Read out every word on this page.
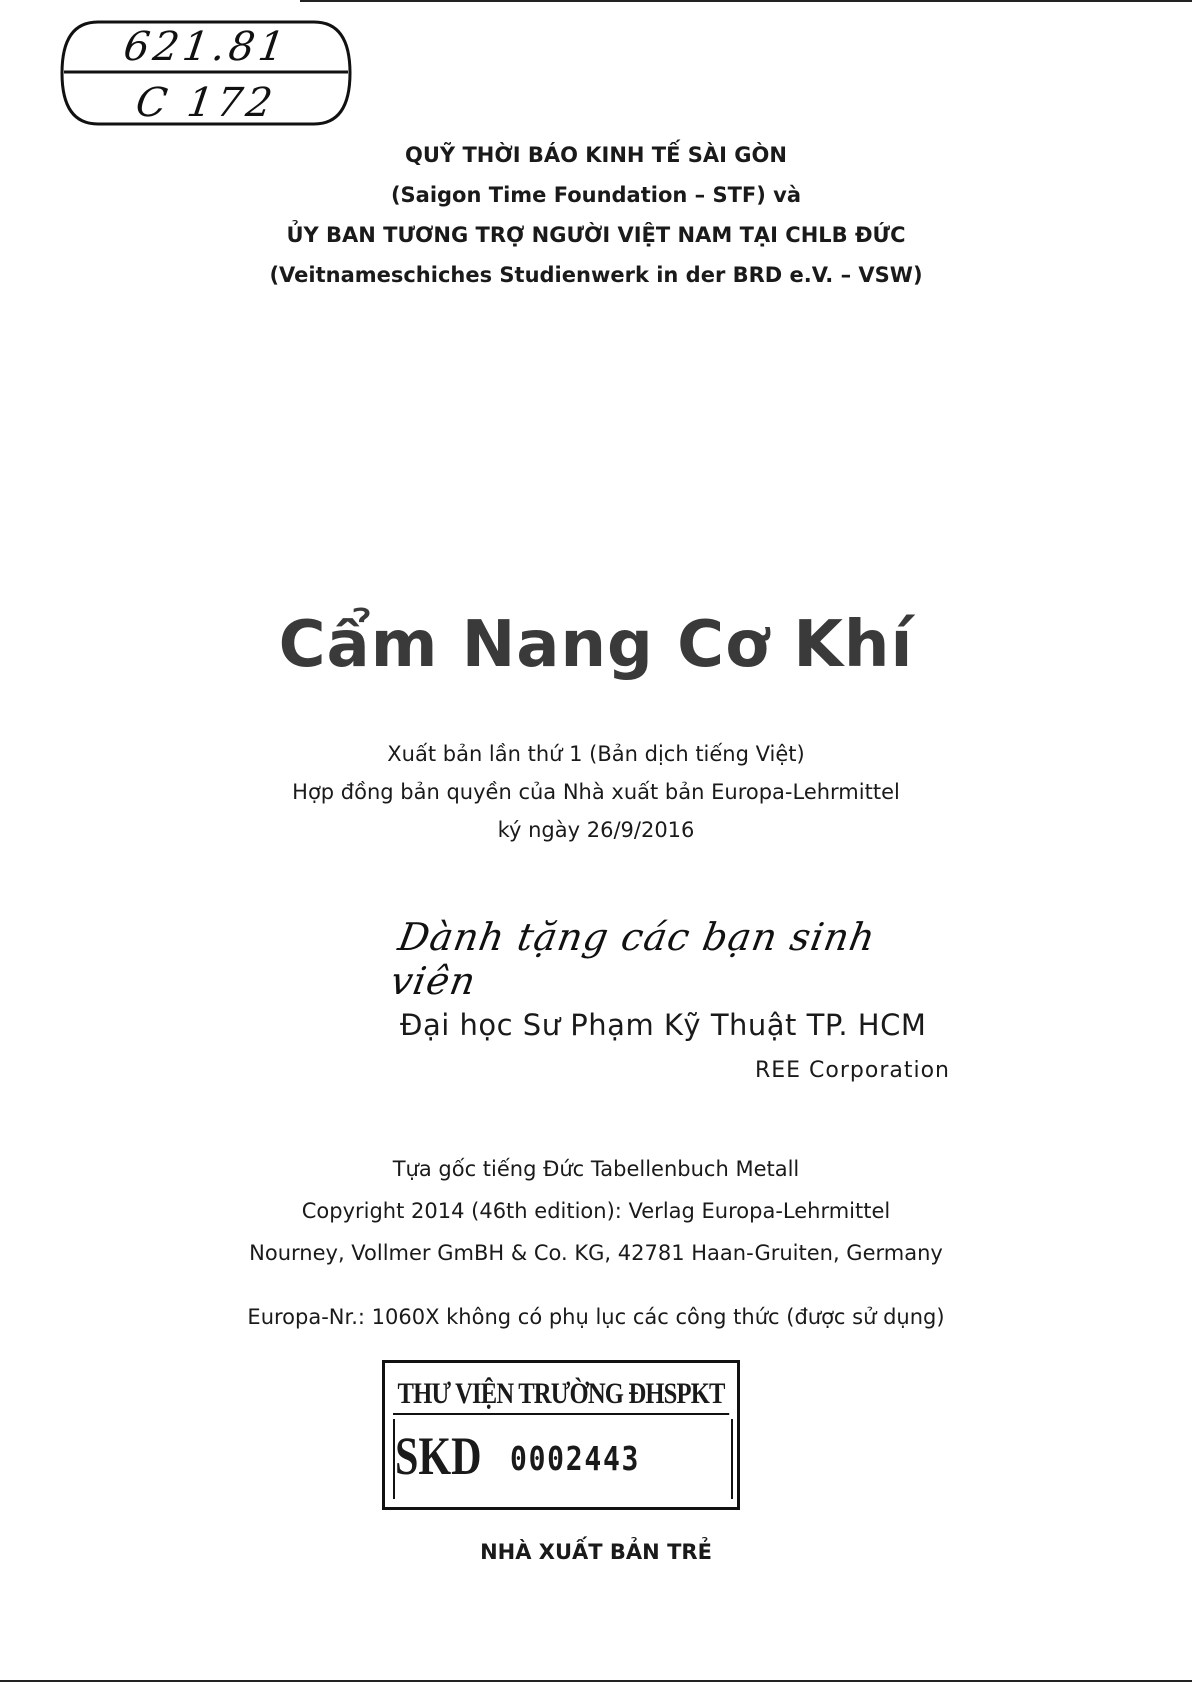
621.81
C 172
QUỸ THỜI BÁO KINH TẾ SÀI GÒN
(Saigon Time Foundation – STF) và
ỦY BAN TƯƠNG TRỢ NGƯỜI VIỆT NAM TẠI CHLB ĐỨC
(Veitnameschiches Studienwerk in der BRD e.V. – VSW)
Cẩm Nang Cơ Khí
Xuất bản lần thứ 1 (Bản dịch tiếng Việt)
Hợp đồng bản quyền của Nhà xuất bản Europa-Lehrmittel
ký ngày 26/9/2016
Dành tặng các bạn sinh viên
Đại học Sư Phạm Kỹ Thuật TP. HCM
REE Corporation
Tựa gốc tiếng Đức Tabellenbuch Metall
Copyright 2014 (46th edition): Verlag Europa-Lehrmittel
Nourney, Vollmer GmBH & Co. KG, 42781 Haan-Gruiten, Germany
Europa-Nr.: 1060X không có phụ lục các công thức (được sử dụng)
THƯ VIỆN TRƯỜNG ĐHSPKT
SKD 0002443
NHÀ XUẤT BẢN TRẺ
